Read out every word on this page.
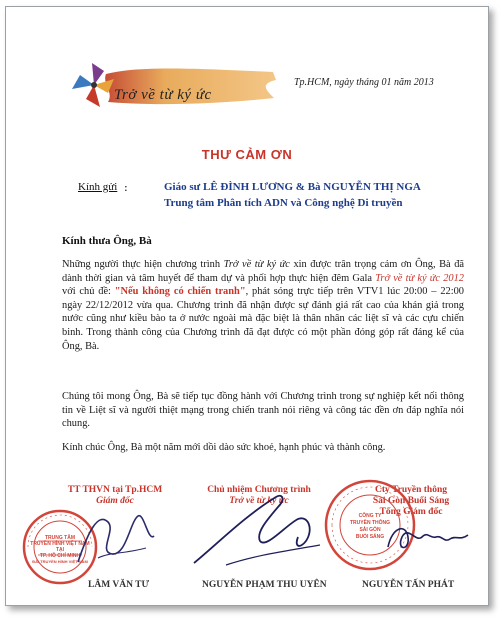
Trở về từ ký ức
Tp.HCM, ngày tháng 01 năm 2013
THƯ CẢM ƠN
Kính gửi :	Giáo sư LÊ ĐÌNH LƯƠNG & Bà NGUYỄN THỊ NGA
Trung tâm Phân tích ADN và Công nghệ Di truyền
Kính thưa Ông, Bà
Những người thực hiện chương trình Trở về từ ký ức xin được trân trọng cảm ơn Ông, Bà đã dành thời gian và tâm huyết để tham dự và phối hợp thực hiện đêm Gala Trở về từ ký ức 2012 với chủ đề: "Nếu không có chiến tranh", phát sóng trực tiếp trên VTV1 lúc 20:00 – 22:00 ngày 22/12/2012 vừa qua. Chương trình đã nhận được sự đánh giá rất cao của khán giả trong nước cũng như kiều bào ta ở nước ngoài mà đặc biệt là thân nhân các liệt sĩ và các cựu chiến binh. Trong thành công của Chương trình đã đạt được có một phần đóng góp rất đáng kể của Ông, Bà.
Chúng tôi mong Ông, Bà sẽ tiếp tục đồng hành với Chương trình trong sự nghiệp kết nối thông tin về Liệt sĩ và người thiệt mạng trong chiến tranh nói riêng và công tác đền ơn đáp nghĩa nói chung.
Kính chúc Ông, Bà một năm mới dồi dào sức khoẻ, hạnh phúc và thành công.
TT THVN tại Tp.HCM
Giám đốc
TRUNG TÂM
TRUYỀN HÌNH VIỆT NAM
TẠI
TP. HỒ CHÍ MINH
ĐÀI TRUYỀN HÌNH VIỆT NAM
LÂM VĂN TƯ
Chủ nhiệm Chương trình
Trở về từ ký ức
NGUYỄN PHẠM THU UYÊN
Cty Truyền thông
Sài Gòn Buổi Sáng
Tổng Giám đốc
CÔNG TY
TRUYỀN THÔNG
SÀI GÒN
BUỔI SÁNG
NGUYỄN TẤN PHÁT
